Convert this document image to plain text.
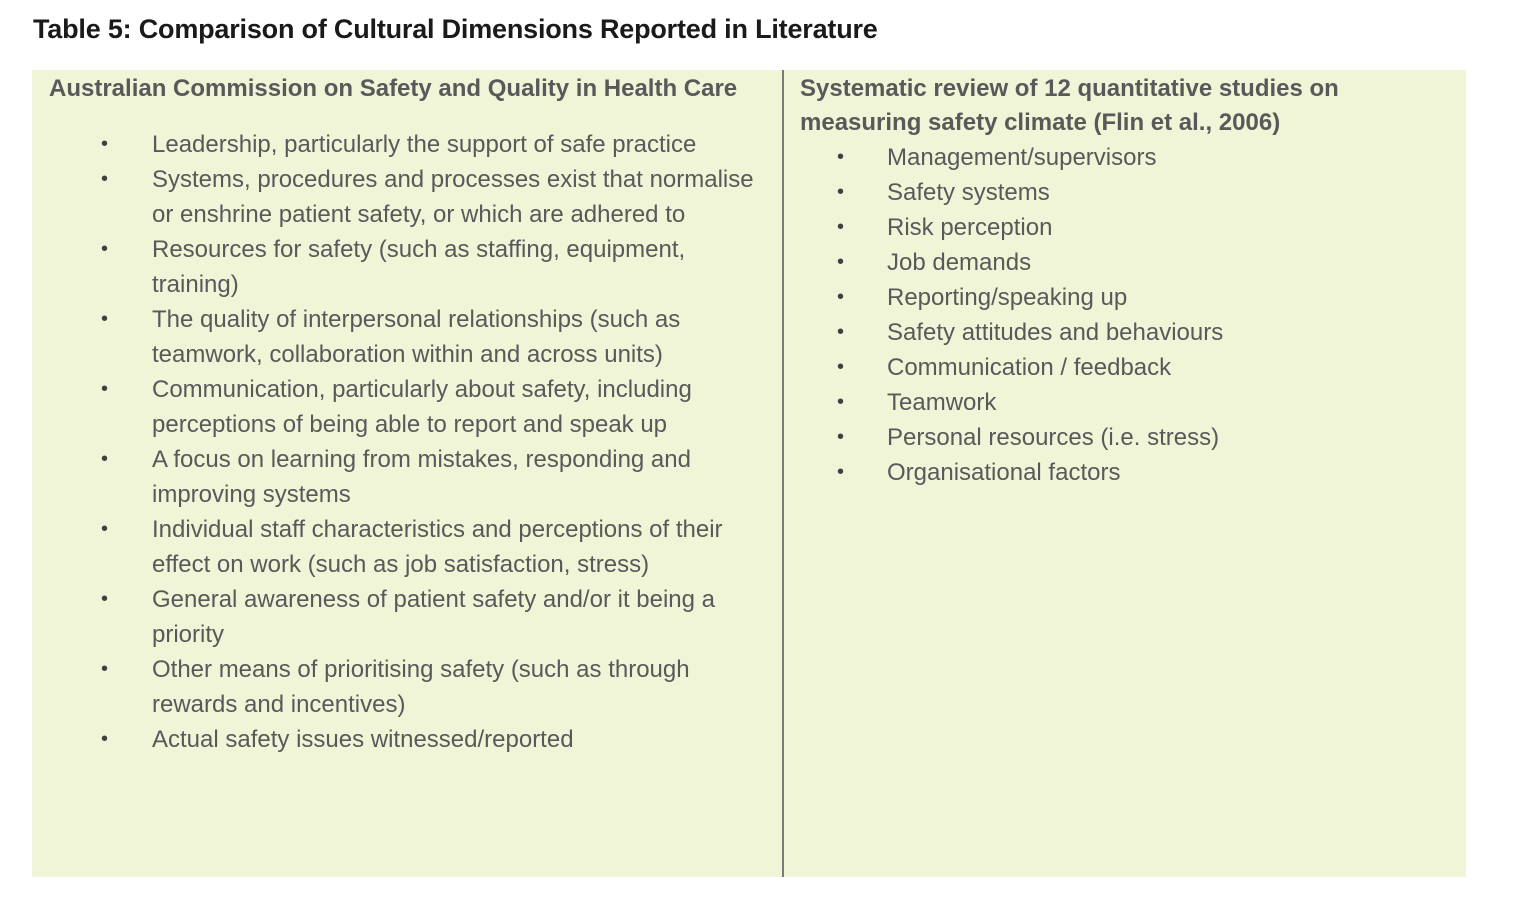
Table 5: Comparison of Cultural Dimensions Reported in Literature
Australian Commission on Safety and Quality in Health Care
• Leadership, particularly the support of safe practice
• Systems, procedures and processes exist that normalise or enshrine patient safety, or which are adhered to
• Resources for safety (such as staffing, equipment, training)
• The quality of interpersonal relationships (such as teamwork, collaboration within and across units)
• Communication, particularly about safety, including perceptions of being able to report and speak up
• A focus on learning from mistakes, responding and improving systems
• Individual staff characteristics and perceptions of their effect on work (such as job satisfaction, stress)
• General awareness of patient safety and/or it being a priority
• Other means of prioritising safety (such as through rewards and incentives)
• Actual safety issues witnessed/reported
Systematic review of 12 quantitative studies on measuring safety climate (Flin et al., 2006)
• Management/supervisors
• Safety systems
• Risk perception
• Job demands
• Reporting/speaking up
• Safety attitudes and behaviours
• Communication / feedback
• Teamwork
• Personal resources (i.e. stress)
• Organisational factors
